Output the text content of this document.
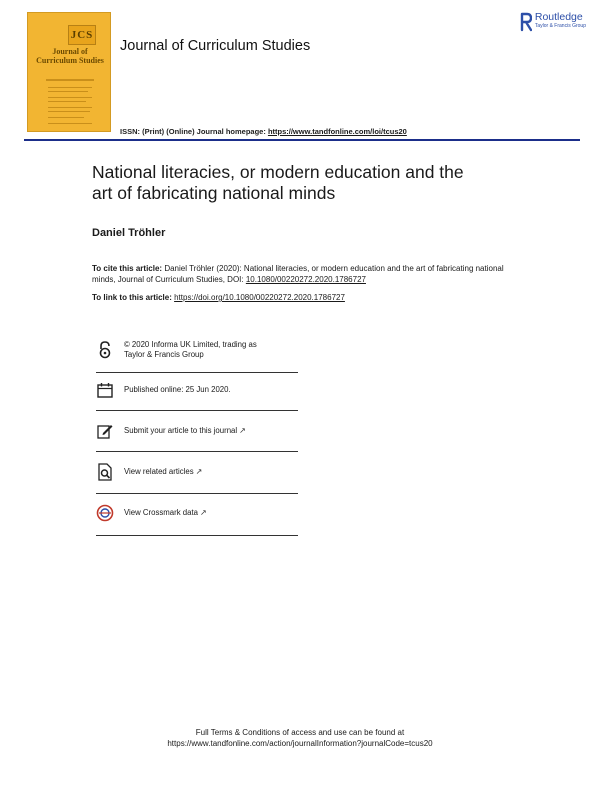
JCS
Journal of Curriculum Studies
Journal of Curriculum Studies
Routledge
Taylor & Francis Group
ISSN: (Print) (Online) Journal homepage: https://www.tandfonline.com/loi/tcus20
National literacies, or modern education and the
art of fabricating national minds
Daniel Tröhler
To cite this article: Daniel Tröhler (2020): National literacies, or modern education and the art of fabricating national minds, Journal of Curriculum Studies, DOI: 10.1080/00220272.2020.1786727
To link to this article: https://doi.org/10.1080/00220272.2020.1786727
© 2020 Informa UK Limited, trading as
Taylor & Francis Group
Published online: 25 Jun 2020.
Submit your article to this journal ↗
View related articles ↗
View Crossmark data ↗
Full Terms & Conditions of access and use can be found at
https://www.tandfonline.com/action/journalInformation?journalCode=tcus20
